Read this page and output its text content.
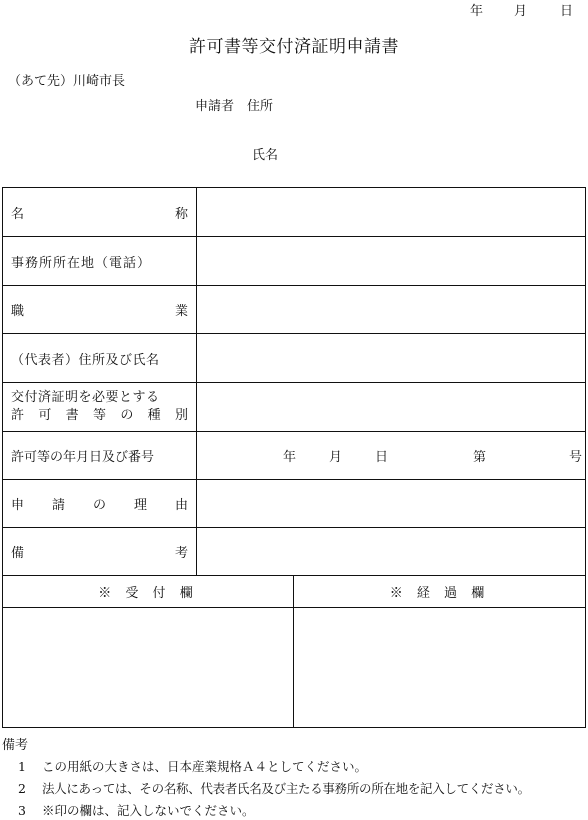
年 月	日
許可書等交付済証明申請書
（あて先）川崎市長
申請者　住所
氏名
名	称
事務所所在地（電話）
職	業
（代表者）住所及び氏名
交付済証明を必要とする
許 可 書 等 の 種 別
許可等の年月日及び番号	年	月	日	第	号
申 請 の 理 由
備	考
※ 受 付 欄	※ 経 過 欄
備考
1 この用紙の大きさは、日本産業規格Ａ４としてください。
2 法人にあっては、その名称、代表者氏名及び主たる事務所の所在地を記入してください。
3 ※印の欄は、記入しないでください。
